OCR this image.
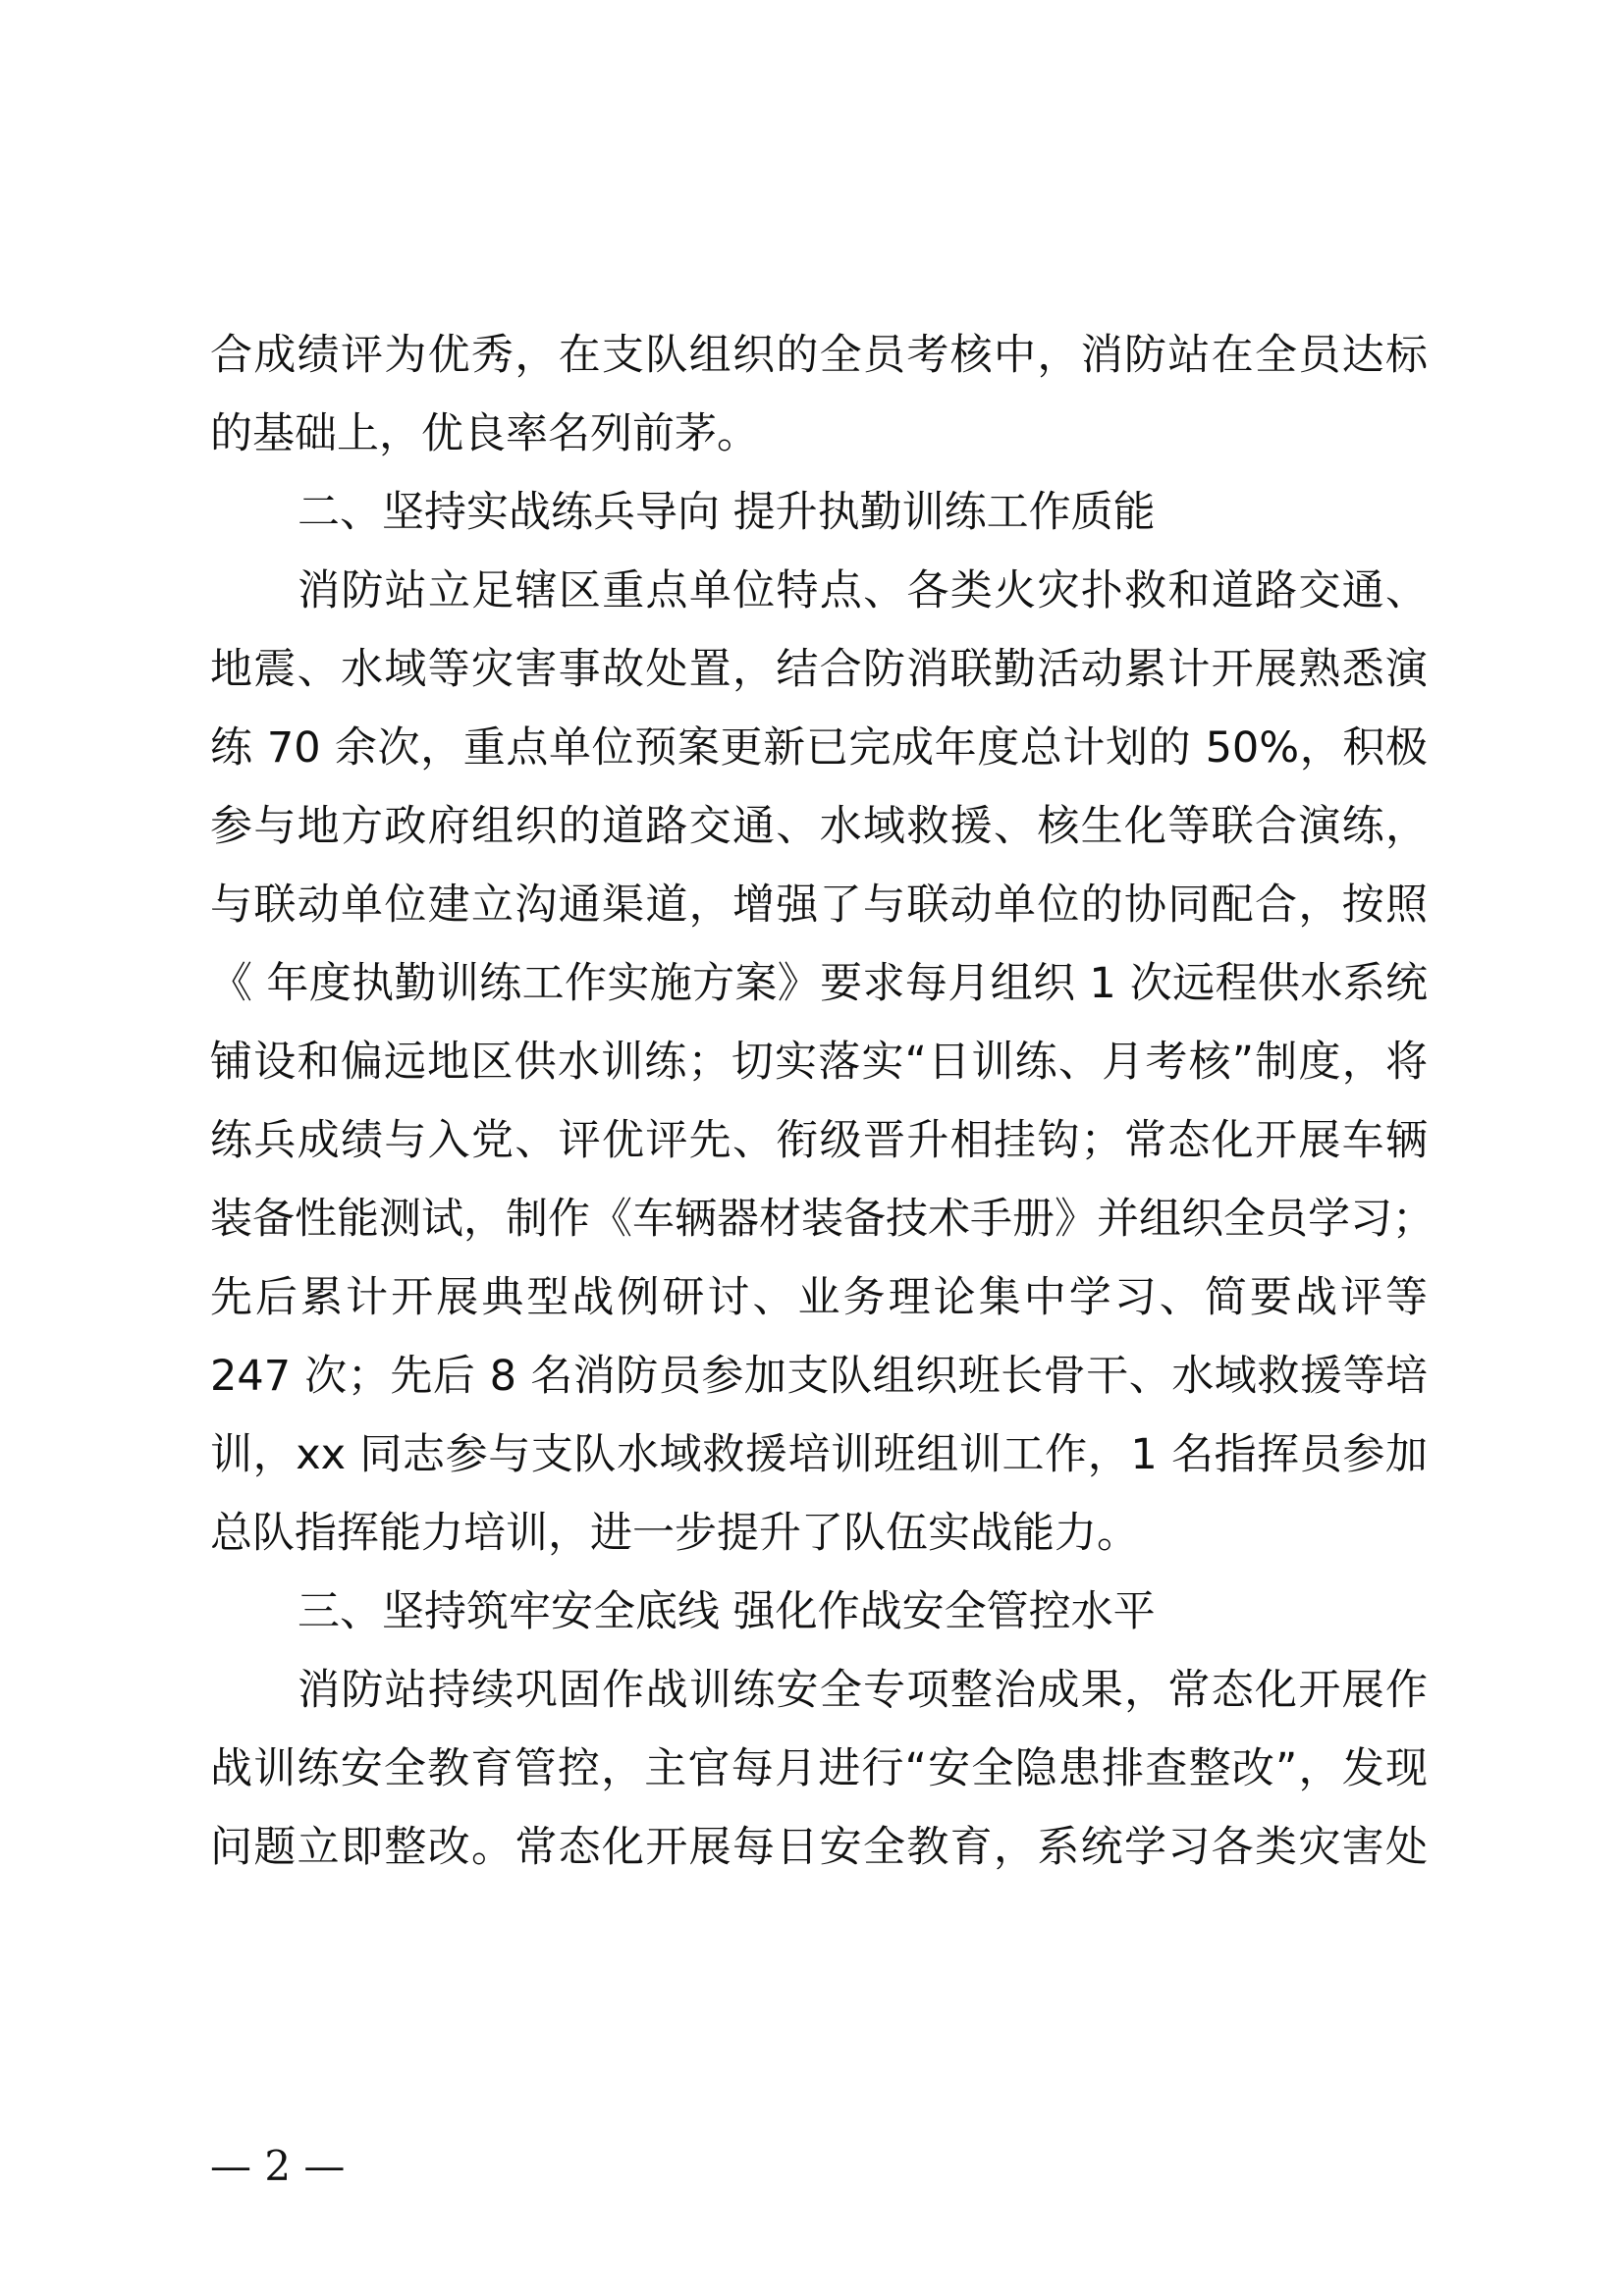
合成绩评为优秀，在支队组织的全员考核中，消防站在全员达标
的基础上，优良率名列前茅。
二、坚持实战练兵导向 提升执勤训练工作质能
消防站立足辖区重点单位特点、各类火灾扑救和道路交通、
地震、水域等灾害事故处置，结合防消联勤活动累计开展熟悉演
练 70 余次，重点单位预案更新已完成年度总计划的 50%，积极
参与地方政府组织的道路交通、水域救援、核生化等联合演练，
与联动单位建立沟通渠道，增强了与联动单位的协同配合，按照
《 年度执勤训练工作实施方案》要求每月组织 1 次远程供水系统
铺设和偏远地区供水训练；切实落实“日训练、月考核”制度，将
练兵成绩与入党、评优评先、衔级晋升相挂钩；常态化开展车辆
装备性能测试，制作《车辆器材装备技术手册》并组织全员学习；
先后累计开展典型战例研讨、业务理论集中学习、简要战评等
247 次；先后 8 名消防员参加支队组织班长骨干、水域救援等培
训，xx 同志参与支队水域救援培训班组训工作，1 名指挥员参加
总队指挥能力培训，进一步提升了队伍实战能力。
三、坚持筑牢安全底线 强化作战安全管控水平
消防站持续巩固作战训练安全专项整治成果，常态化开展作
战训练安全教育管控，主官每月进行“安全隐患排查整改”，发现
问题立即整改。常态化开展每日安全教育，系统学习各类灾害处
— 2 —
